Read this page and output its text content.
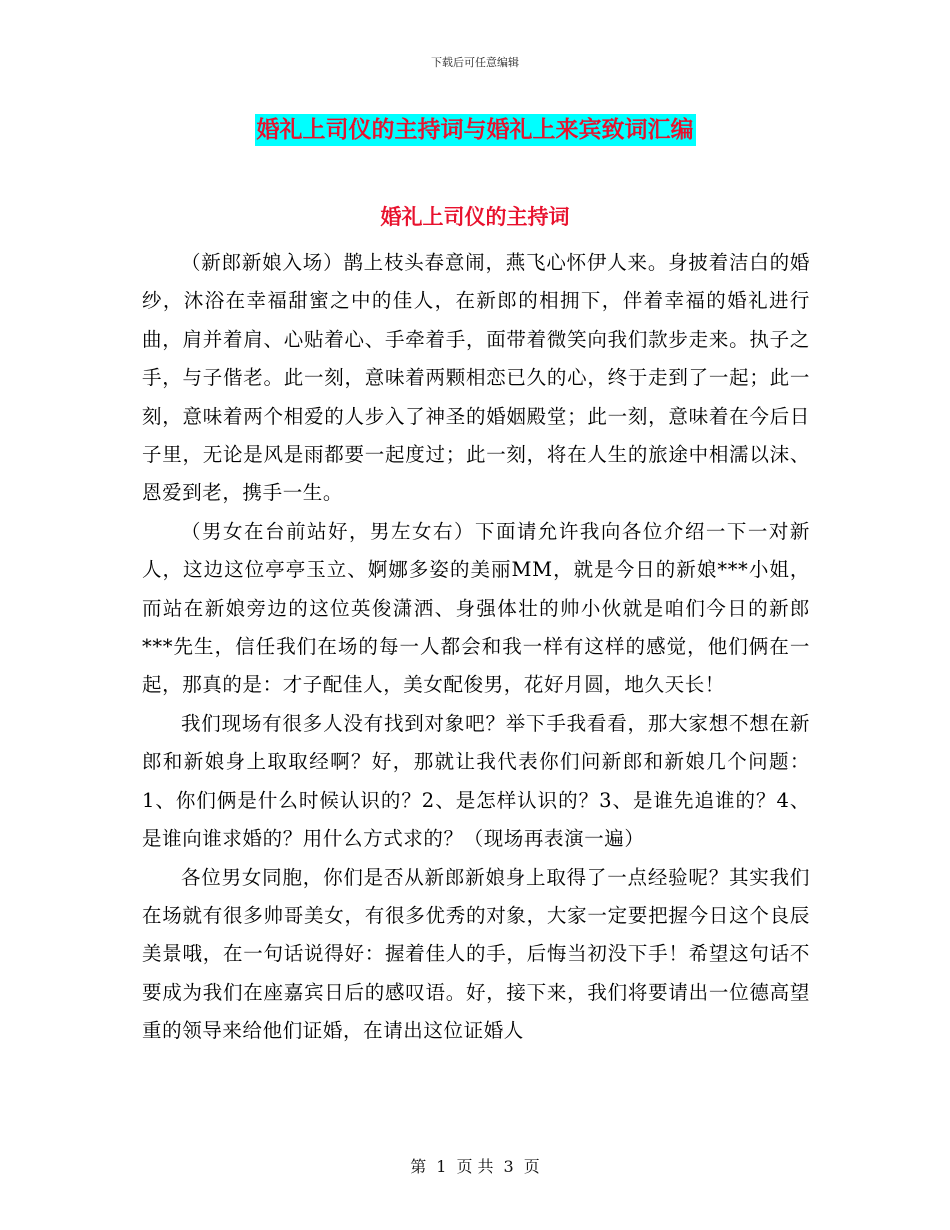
下载后可任意编辑
婚礼上司仪的主持词与婚礼上来宾致词汇编
婚礼上司仪的主持词

（新郎新娘入场）鹊上枝头春意闹，燕飞心怀伊人来。身披着洁白的婚纱，沐浴在幸福甜蜜之中的佳人，在新郎的相拥下，伴着幸福的婚礼进行曲，肩并着肩、心贴着心、手牵着手，面带着微笑向我们款步走来。执子之手，与子偕老。此一刻，意味着两颗相恋已久的心，终于走到了一起；此一刻，意味着两个相爱的人步入了神圣的婚姻殿堂；此一刻，意味着在今后日子里，无论是风是雨都要一起度过；此一刻，将在人生的旅途中相濡以沫、恩爱到老，携手一生。

（男女在台前站好，男左女右）下面请允许我向各位介绍一下一对新人，这边这位亭亭玉立、婀娜多姿的美丽MM，就是今日的新娘***小姐，而站在新娘旁边的这位英俊潇洒、身强体壮的帅小伙就是咱们今日的新郎***先生，信任我们在场的每一人都会和我一样有这样的感觉，他们俩在一起，那真的是：才子配佳人，美女配俊男，花好月圆，地久天长！

我们现场有很多人没有找到对象吧？举下手我看看，那大家想不想在新郎和新娘身上取取经啊？好，那就让我代表你们问新郎和新娘几个问题：1、你们俩是什么时候认识的？2、是怎样认识的？3、是谁先追谁的？4、是谁向谁求婚的？用什么方式求的？（现场再表演一遍）

各位男女同胞，你们是否从新郎新娘身上取得了一点经验呢？其实我们在场就有很多帅哥美女，有很多优秀的对象，大家一定要把握今日这个良辰美景哦，在一句话说得好：握着佳人的手，后悔当初没下手！希望这句话不要成为我们在座嘉宾日后的感叹语。好，接下来，我们将要请出一位德高望重的领导来给他们证婚，在请出这位证婚人

第 1 页 共 3 页
